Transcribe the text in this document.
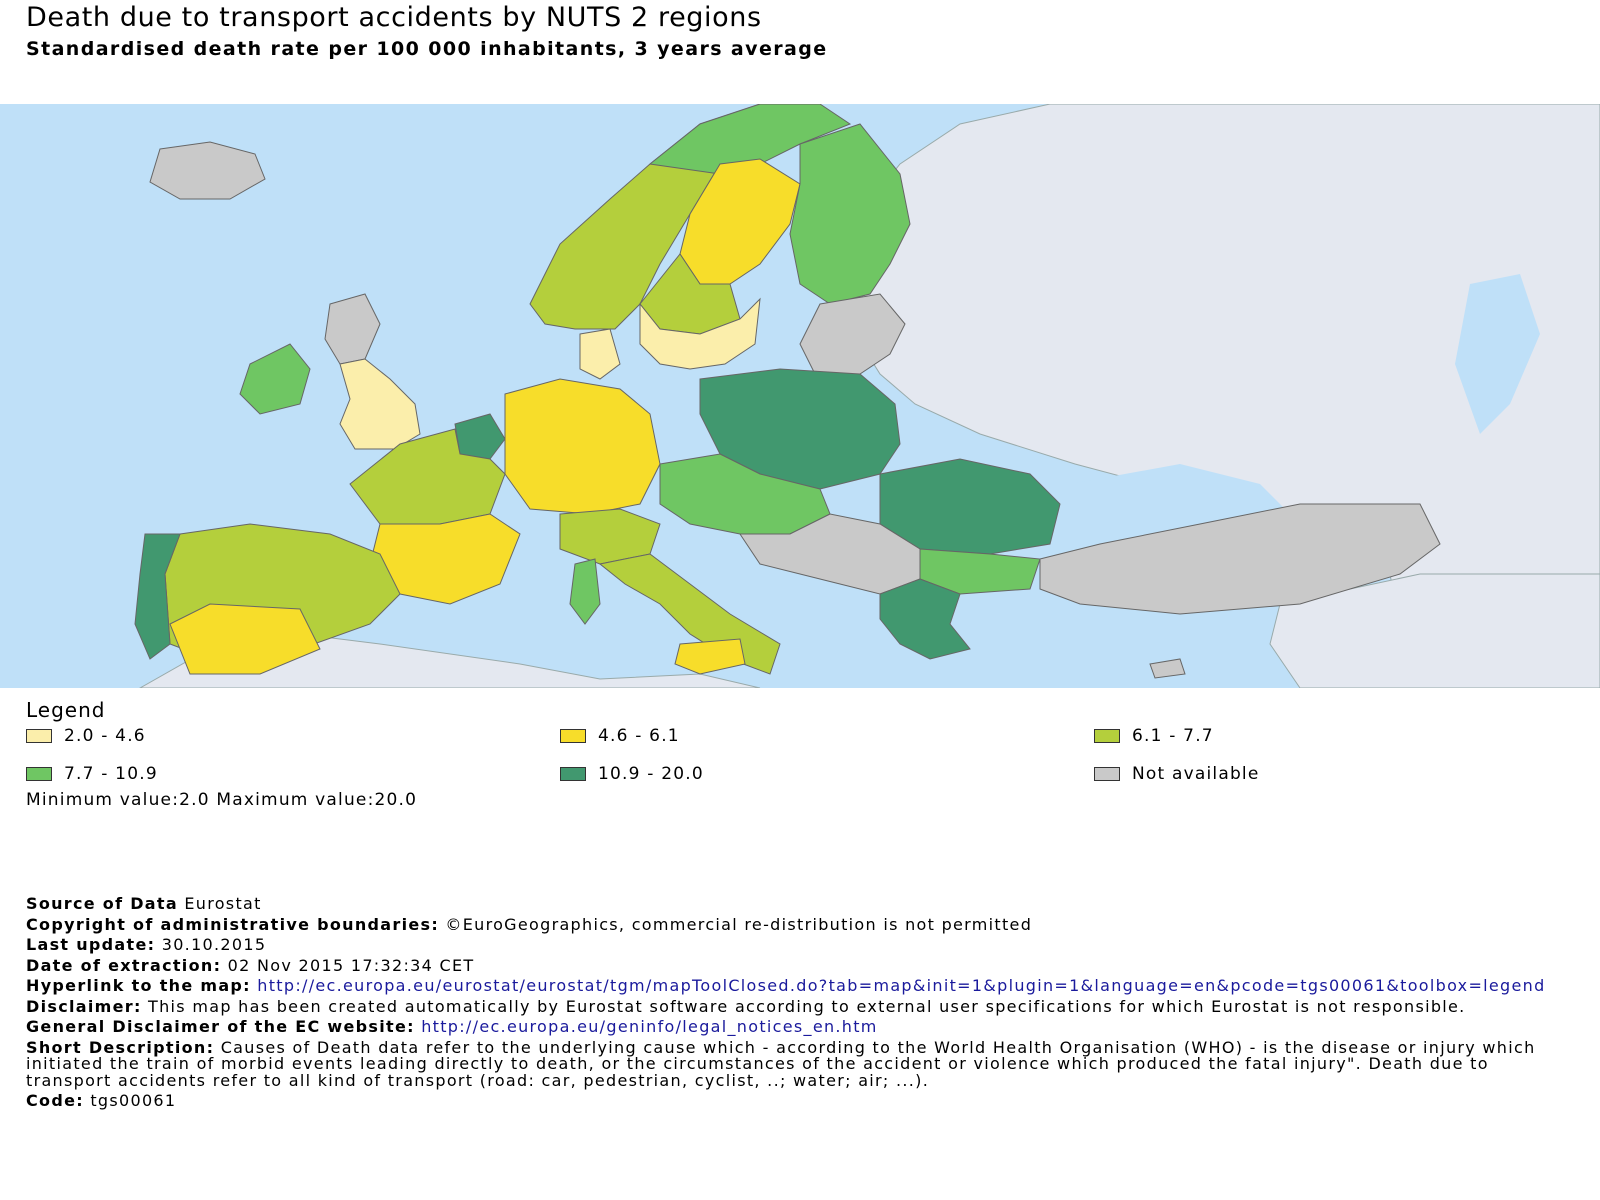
Death due to transport accidents by NUTS 2 regions
Standardised death rate per 100 000 inhabitants, 3 years average
Legend
2.0 - 4.6	4.6 - 6.1	6.1 - 7.7
7.7 - 10.9	10.9 - 20.0	Not available
Minimum value:2.0 Maximum value:20.0
Source of Data Eurostat
Copyright of administrative boundaries: ©EuroGeographics, commercial re-distribution is not permitted
Last update: 30.10.2015
Date of extraction: 02 Nov 2015 17:32:34 CET
Hyperlink to the map: http://ec.europa.eu/eurostat/eurostat/tgm/mapToolClosed.do?tab=map&init=1&plugin=1&language=en&pcode=tgs00061&toolbox=legend
Disclaimer: This map has been created automatically by Eurostat software according to external user specifications for which Eurostat is not responsible.
General Disclaimer of the EC website: http://ec.europa.eu/geninfo/legal_notices_en.htm
Short Description: Causes of Death data refer to the underlying cause which - according to the World Health Organisation (WHO) - is the disease or injury which initiated the train of morbid events leading directly to death, or the circumstances of the accident or violence which produced the fatal injury". Death due to transport accidents refer to all kind of transport (road: car, pedestrian, cyclist, ..; water; air; ...).
Code: tgs00061
